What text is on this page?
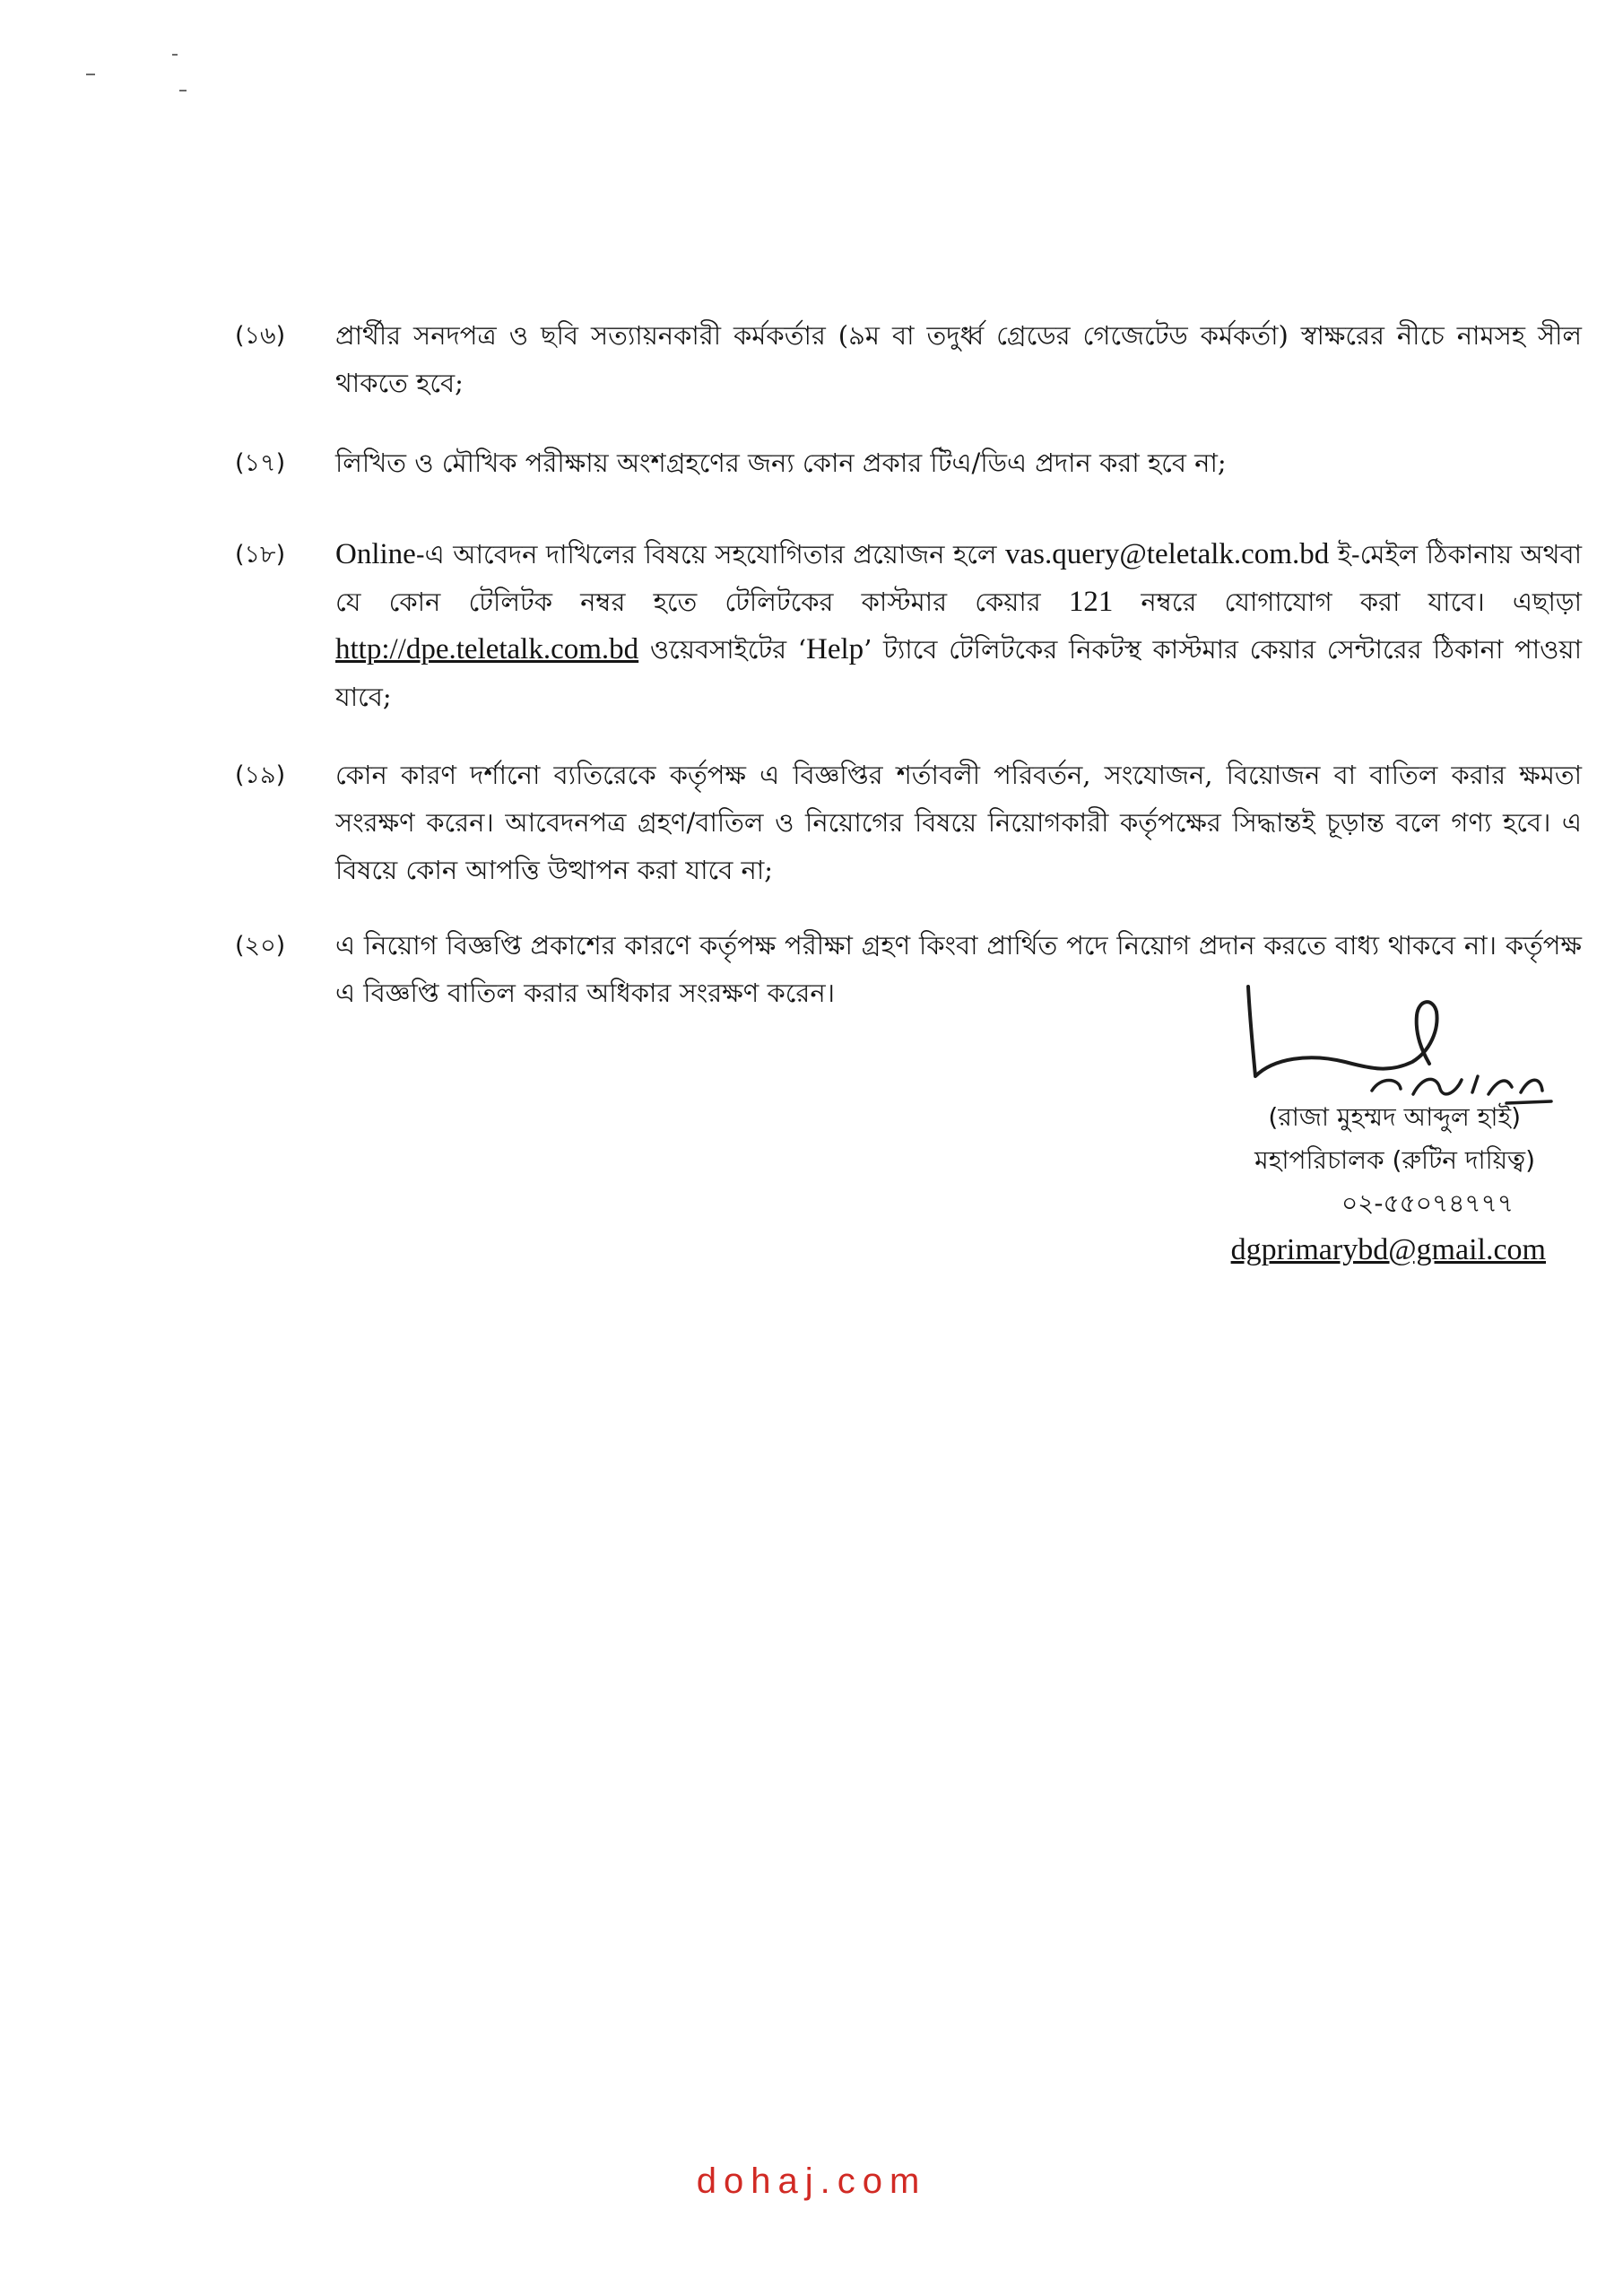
(১৬) প্রার্থীর সনদপত্র ও ছবি সত্যায়নকারী কর্মকর্তার (৯ম বা তদুর্ধ্ব গ্রেডের গেজেটেড কর্মকর্তা) স্বাক্ষরের নীচে নামসহ সীল থাকতে হবে;

(১৭) লিখিত ও মৌখিক পরীক্ষায় অংশগ্রহণের জন্য কোন প্রকার টিএ/ডিএ প্রদান করা হবে না;

(১৮) Online-এ আবেদন দাখিলের বিষয়ে সহযোগিতার প্রয়োজন হলে vas.query@teletalk.com.bd ই-মেইল ঠিকানায় অথবা যে কোন টেলিটক নম্বর হতে টেলিটকের কাস্টমার কেয়ার 121 নম্বরে যোগাযোগ করা যাবে। এছাড়া http://dpe.teletalk.com.bd ওয়েবসাইটের ‘Help’ ট্যাবে টেলিটকের নিকটস্থ কাস্টমার কেয়ার সেন্টারের ঠিকানা পাওয়া যাবে;

(১৯) কোন কারণ দর্শানো ব্যতিরেকে কর্তৃপক্ষ এ বিজ্ঞপ্তির শর্তাবলী পরিবর্তন, সংযোজন, বিয়োজন বা বাতিল করার ক্ষমতা সংরক্ষণ করেন। আবেদনপত্র গ্রহণ/বাতিল ও নিয়োগের বিষয়ে নিয়োগকারী কর্তৃপক্ষের সিদ্ধান্তই চূড়ান্ত বলে গণ্য হবে। এ বিষয়ে কোন আপত্তি উত্থাপন করা যাবে না;

(২০) এ নিয়োগ বিজ্ঞপ্তি প্রকাশের কারণে কর্তৃপক্ষ পরীক্ষা গ্রহণ কিংবা প্রার্থিত পদে নিয়োগ প্রদান করতে বাধ্য থাকবে না। কর্তৃপক্ষ এ বিজ্ঞপ্তি বাতিল করার অধিকার সংরক্ষণ করেন।

(রাজা মুহম্মদ আব্দুল হাই)
মহাপরিচালক (রুটিন দায়িত্ব)
০২-৫৫০৭৪৭৭৭
dgprimarybd@gmail.com
dohaj.com
